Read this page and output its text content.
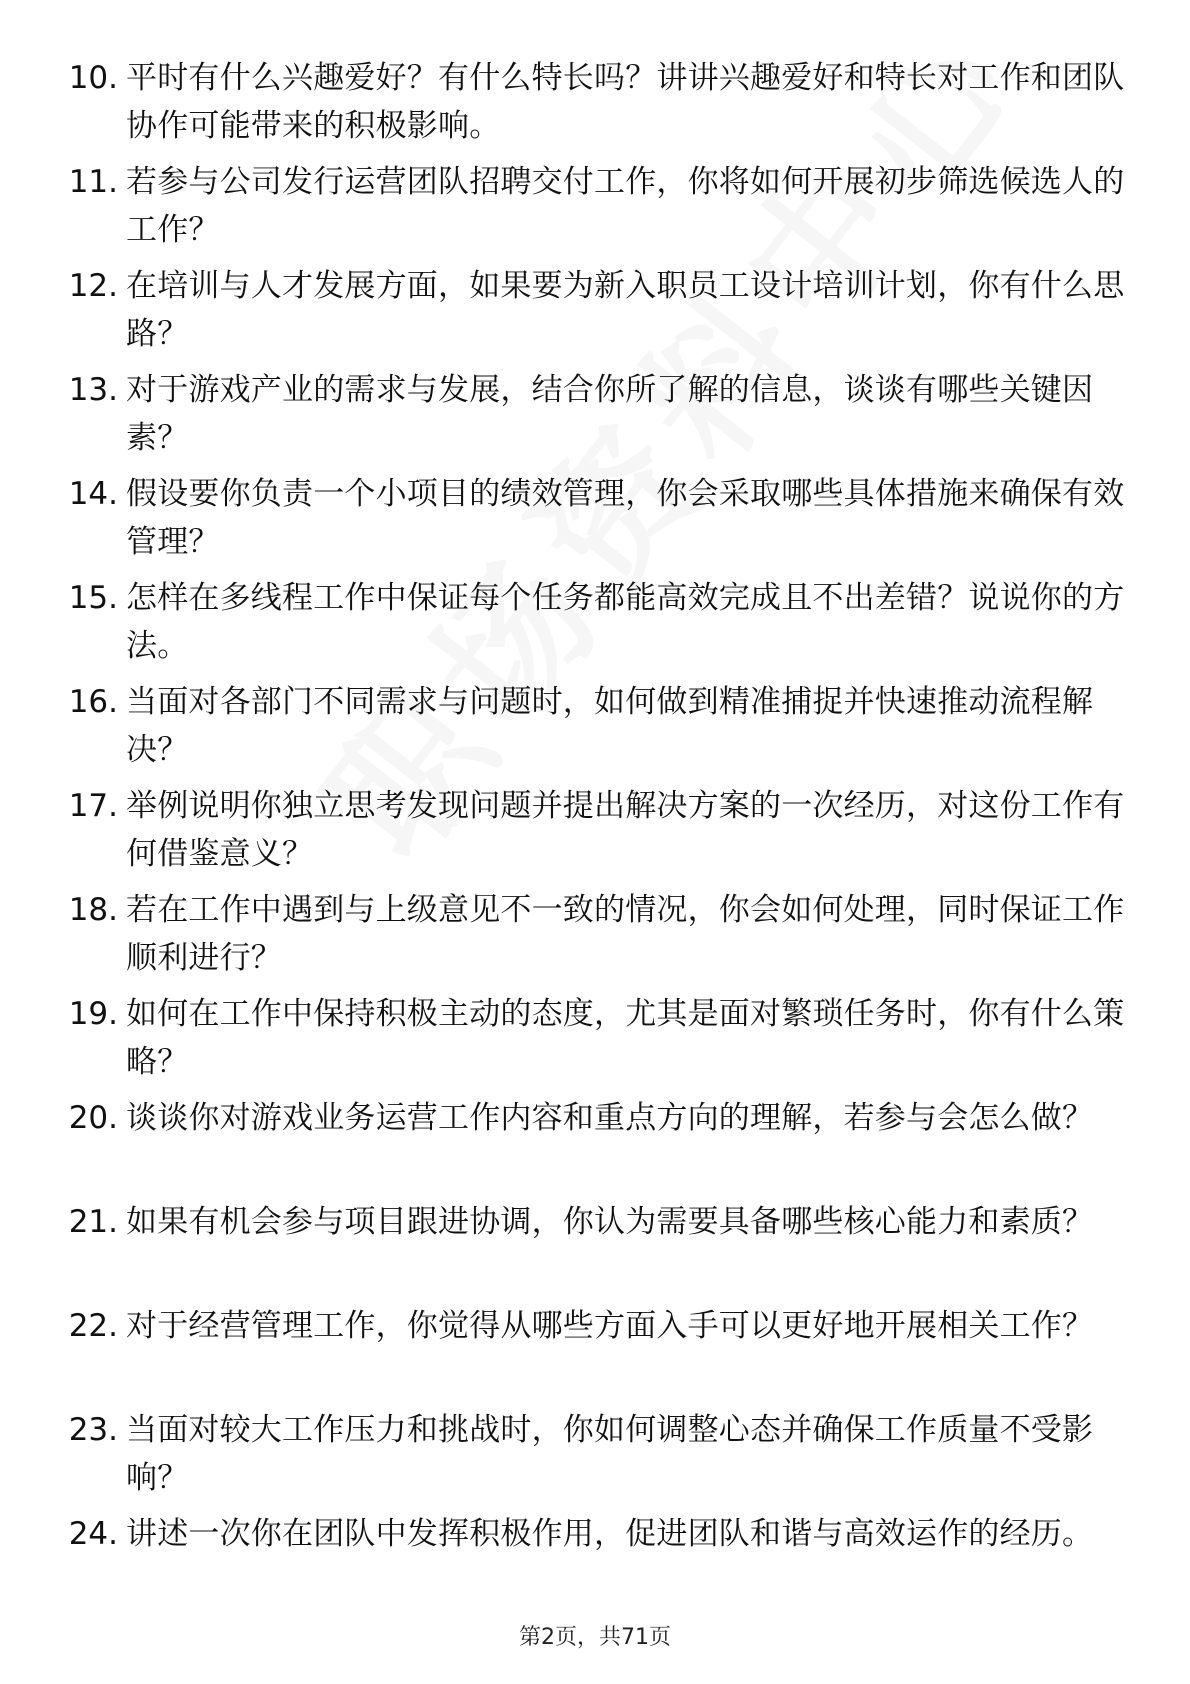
10. 平时有什么兴趣爱好？有什么特长吗？讲讲兴趣爱好和特长对工作和团队协作可能带来的积极影响。
11. 若参与公司发行运营团队招聘交付工作，你将如何开展初步筛选候选人的工作？
12. 在培训与人才发展方面，如果要为新入职员工设计培训计划，你有什么思路？
13. 对于游戏产业的需求与发展，结合你所了解的信息，谈谈有哪些关键因素？
14. 假设要你负责一个小项目的绩效管理，你会采取哪些具体措施来确保有效管理？
15. 怎样在多线程工作中保证每个任务都能高效完成且不出差错？说说你的方法。
16. 当面对各部门不同需求与问题时，如何做到精准捕捉并快速推动流程解决？
17. 举例说明你独立思考发现问题并提出解决方案的一次经历，对这份工作有何借鉴意义？
18. 若在工作中遇到与上级意见不一致的情况，你会如何处理，同时保证工作顺利进行？
19. 如何在工作中保持积极主动的态度，尤其是面对繁琐任务时，你有什么策略？
20. 谈谈你对游戏业务运营工作内容和重点方向的理解，若参与会怎么做？
21. 如果有机会参与项目跟进协调，你认为需要具备哪些核心能力和素质？
22. 对于经营管理工作，你觉得从哪些方面入手可以更好地开展相关工作？
23. 当面对较大工作压力和挑战时，你如何调整心态并确保工作质量不受影响？
24. 讲述一次你在团队中发挥积极作用，促进团队和谐与高效运作的经历。
第2页，共71页
